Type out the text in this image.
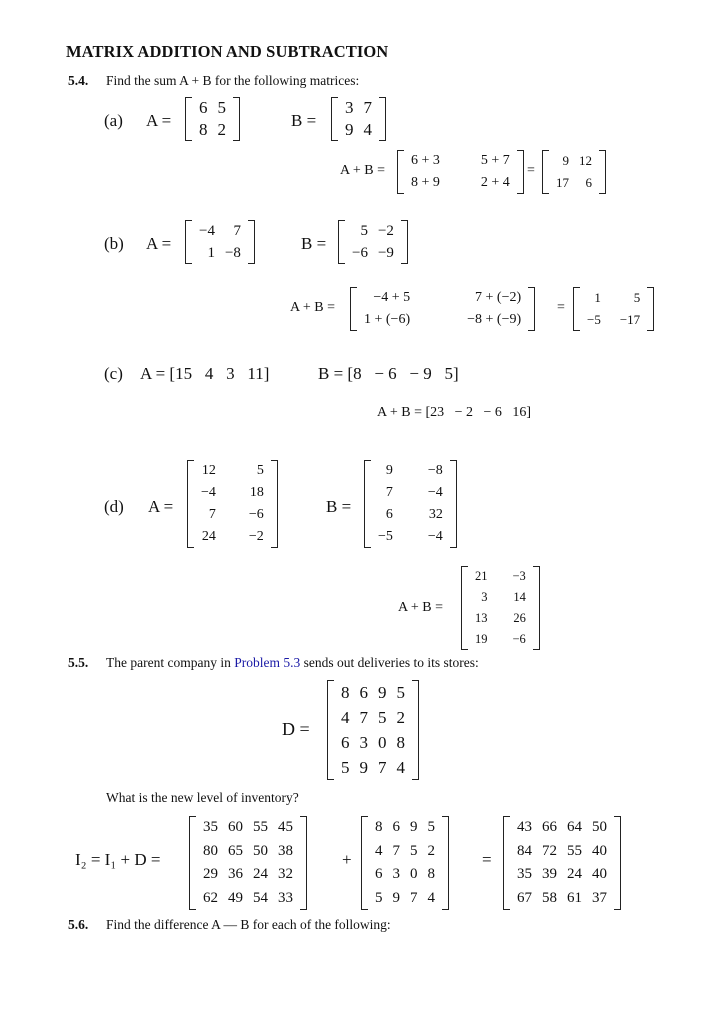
MATRIX ADDITION AND SUBTRACTION
5.4. Find the sum A + B for the following matrices:
(a) A =
6	5
8	2	B =
3	7
9	4
A + B =
6 + 3	5 + 7
8 + 9	2 + 4
=
9	12
17	6
(b) A =
−4	7
1	−8	B =
5	−2
−6	−9
A + B =
−4 + 5	7 + (−2)
1 + (−6)	−8 + (−9)
=
1	5
−5	−17
(c) A = [15   4   3   11]	B = [8   − 6   − 9   5]
A + B = [23   − 2   − 6   16]
(d) A =
12	5
−4	18
7	−6
24	−2
B =
9	−8
7	−4
6	32
−5	−4
A + B =
21	−3
3	14
13	26
19	−6
5.5. The parent company in Problem 5.3 sends out deliveries to its stores:
D =
8	6	9	5
4	7	5	2
6	3	0	8
5	9	7	4
What is the new level of inventory?
I₂ = I₁ + D =
35	60	55	45
80	65	50	38
29	36	24	32
62	49	54	33
+
8	6	9	5
4	7	5	2
6	3	0	8
5	9	7	4
=
43	66	64	50
84	72	55	40
35	39	24	40
67	58	61	37
5.6. Find the difference A — B for each of the following:
